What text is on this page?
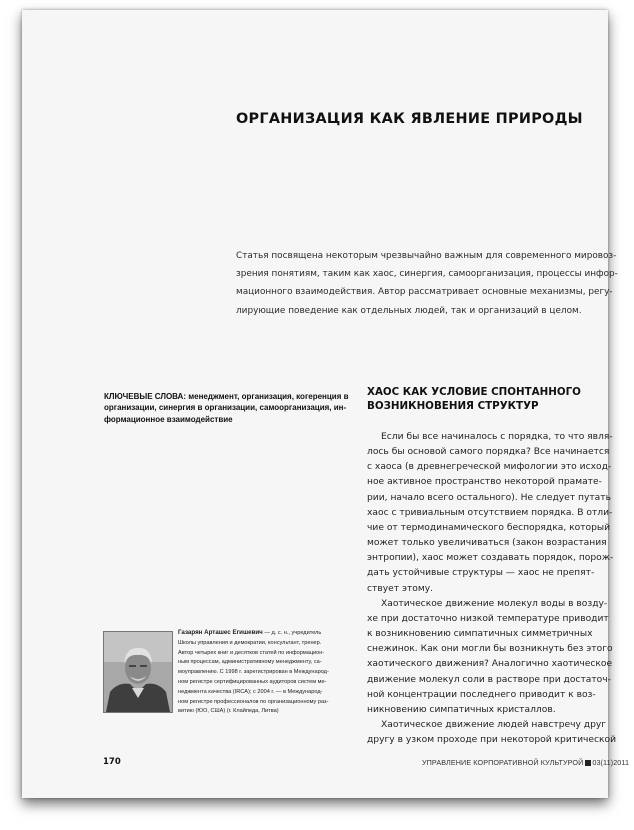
ОРГАНИЗАЦИЯ КАК ЯВЛЕНИЕ ПРИРОДЫ
Статья посвящена некоторым чрезвычайно важным для современного мировоз-
зрения понятиям, таким как хаос, синергия, самоорганизация, процессы инфор-
мационного взаимодействия. Автор рассматривает основные механизмы, регу-
лирующие поведение как отдельных людей, так и организаций в целом.
КЛЮЧЕВЫЕ СЛОВА: менеджмент, организация, когеренция в
организации, синергия в организации, самоорганизация, ин-
формационное взаимодействие
ХАОС КАК УСЛОВИЕ СПОНТАННОГО
ВОЗНИКНОВЕНИЯ СТРУКТУР
Если бы все начиналось с порядка, то что явля-
лось бы основой самого порядка? Все начинается
с хаоса (в древнегреческой мифологии это исход-
ное активное пространство некоторой праматe-
рии, начало всего остального). Не следует путать
хаос с тривиальным отсутствием порядка. В отли-
чие от термодинамического беспорядка, который
может только увеличиваться (закон возрастания
энтропии), хаос может создавать порядок, порож-
дать устойчивые структуры — хаос не препят-
ствует этому.
Хаотическое движение молекул воды в возду-
хе при достаточно низкой температуре приводит
к возникновению симпатичных симметричных
снежинок. Как они могли бы возникнуть без этого
хаотического движения? Аналогично хаотическое
движение молекул соли в растворе при достаточ-
ной концентрации последнего приводит к воз-
никновению симпатичных кристаллов.
Хаотическое движение людей навстречу друг
другу в узком проходе при некоторой критической
Газарян Арташес Егишевич — д. с. н., учредитель
Школы управления и демократии, консультант, тренер.
Автор четырех книг и десятков статей по информацион-
ным процессам, административному менеджменту, са-
моуправлению. С 1998 г. зарегистрирован в Международ-
ном регистре сертифицированных аудиторов систем ме-
неджмента качества (IRCA); с 2004 г. — в Международ-
ном регистре профессионалов по организационному раз-
витию (ЮО, США) (г. Клайпеда, Литва)
170	УПРАВЛЕНИЕ КОРПОРАТИВНОЙ КУЛЬТУРОЙ 03(11)2011
